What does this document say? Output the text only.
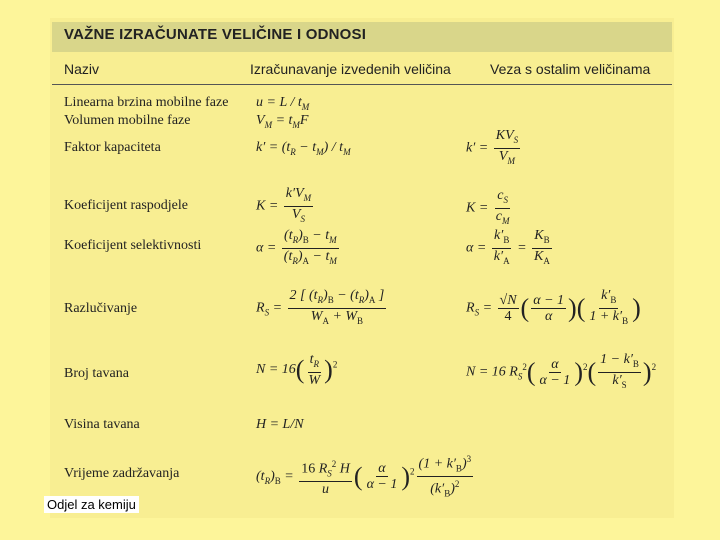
VAŽNE IZRAČUNATE VELIČINE I ODNOSI
Naziv	Izračunavanje izvedenih veličina	Veza s ostalim veličinama
Linearna brzina mobilne faze
Volumen mobilne faze
Faktor kapaciteta
Koeficijent raspodjele
Koeficijent selektivnosti
Razlučivanje
Broj tavana
Visina tavana
Vrijeme zadržavanja
$u = L / t_M$
$V_M = t_MF$
$k' = (t_R - t_M) / t_M$
$K = \frac{k'V_M}{V_S}$
$\alpha = \frac{(t_R)_B - t_M}{(t_R)_A - t_M}$
$R_S = \frac{2 [ (t_R)_B - (t_R)_A ]}{W_A + W_B}$
$N = 16( \frac{t_R}{W} )^2$
H = L/N
$(t_R)_B = \frac{16 R_S^2 H}{u}$ ( $\frac{\alpha}{\alpha - 1} )^2 \frac{(1 + k'_B)^3}{(k'_B)^2}$
$k' = \frac{KV_S}{V_M}$
$K = \frac{c_S}{c_M}$
$\alpha = \frac{k'_B}{k'_A} = \frac{K_B}{K_A}$
$R_S = \frac{√N}{4}$ ( $\frac{\alpha - 1}{\alpha}$ )( $\frac{k'_B}{1 + k'_B}$ )
N = 16 $R_S^2( \frac{\alpha}{\alpha - 1} )^2( \frac{1 - k'_B}{k'_S} )^2$
Odjel za kemiju
